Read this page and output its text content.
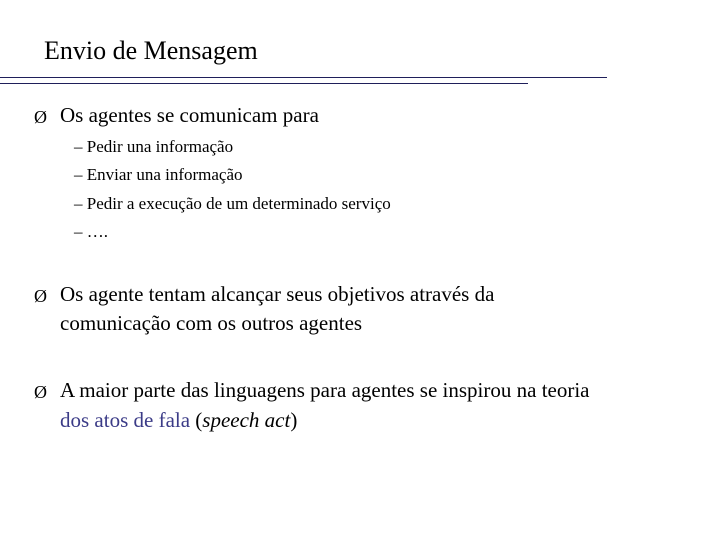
Envio de Mensagem
Ø Os agentes se comunicam para
– Pedir una informação
– Enviar una informação
– Pedir a execução de um determinado serviço
– ….
Ø Os agente tentam alcançar seus objetivos através da
comunicação com os outros agentes
Ø A maior parte das linguagens para agentes se inspirou na teoria
dos atos de fala (speech act)
